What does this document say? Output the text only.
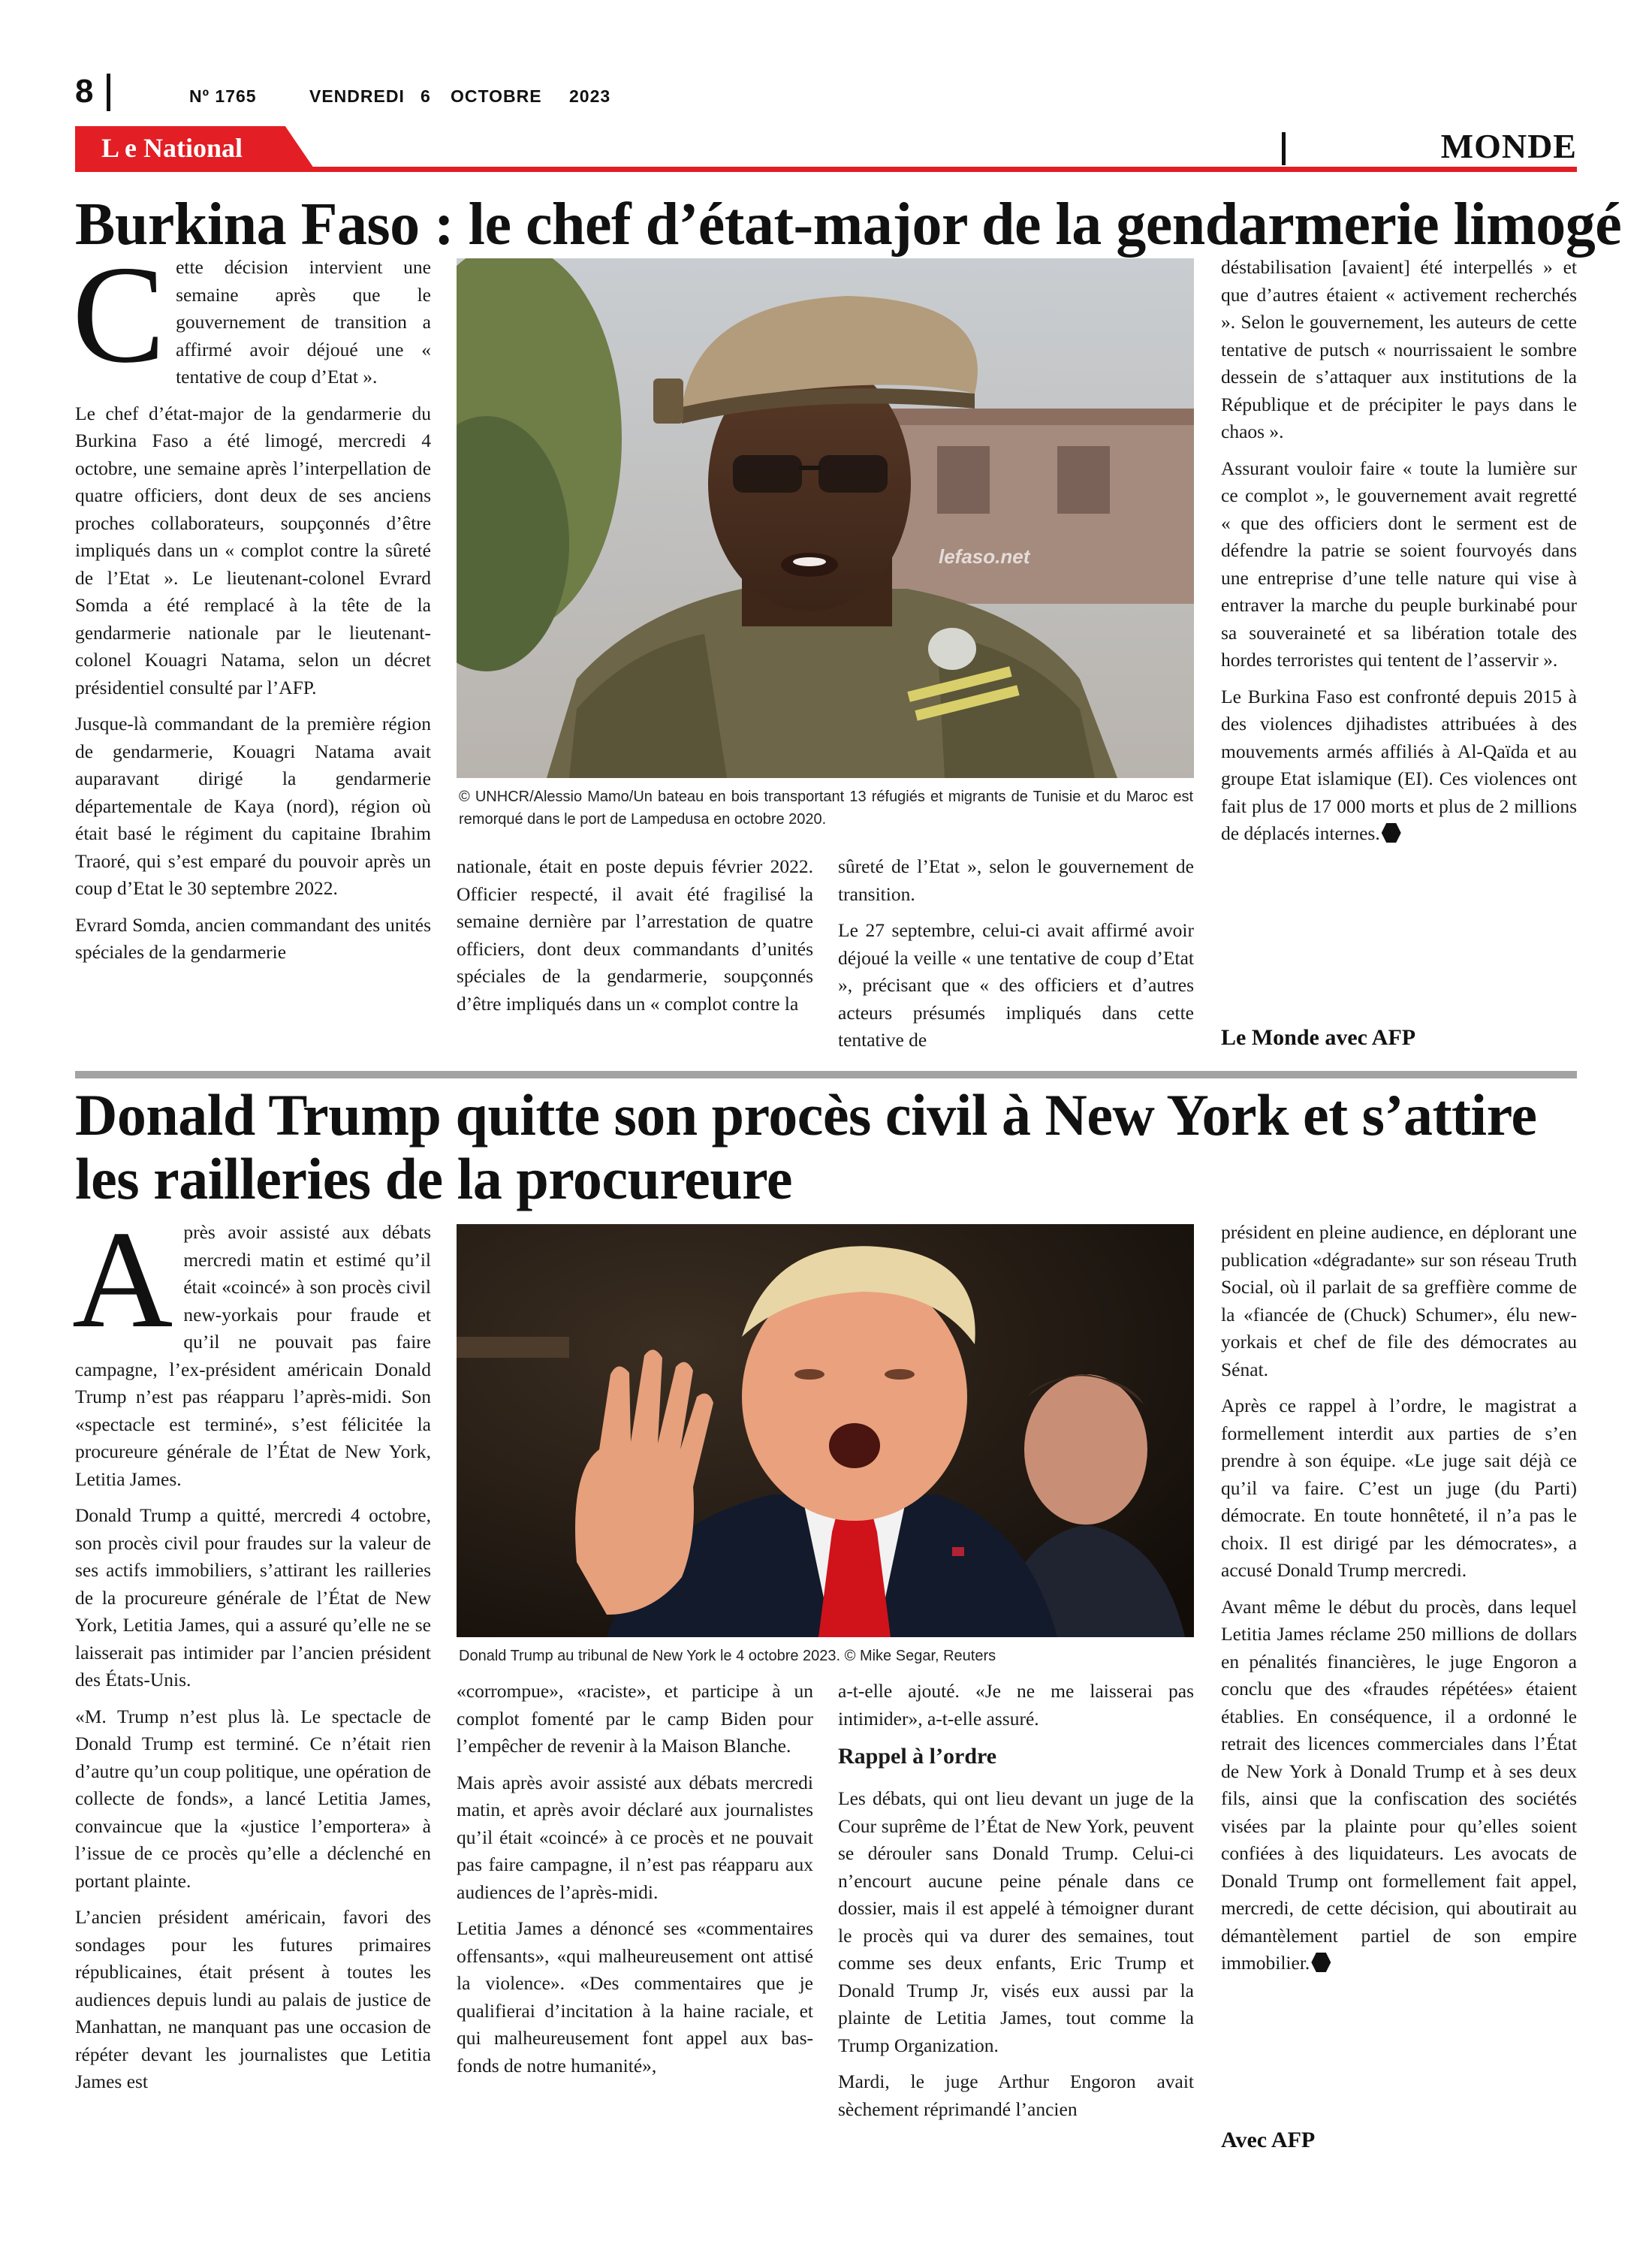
8	Nº 1765	VENDREDI 6 OCTOBRE 2023
L e National	MONDE
Burkina Faso : le chef d’état-major de la gendarmerie limogé

Cette décision intervient une semaine après que le gouvernement de transition a affirmé avoir déjoué une « tentative de coup d’Etat ».

Le chef d’état-major de la gendarmerie du Burkina Faso a été limogé, mercredi 4 octobre, une semaine après l’interpellation de quatre officiers, dont deux de ses anciens proches collaborateurs, soupçonnés d’être impliqués dans un « complot contre la sûreté de l’Etat ». Le lieutenant-colonel Evrard Somda a été remplacé à la tête de la gendarmerie nationale par le lieutenant-colonel Kouagri Natama, selon un décret présidentiel consulté par l’AFP.

Jusque-là commandant de la première région de gendarmerie, Kouagri Natama avait auparavant dirigé la gendarmerie départementale de Kaya (nord), région où était basé le régiment du capitaine Ibrahim Traoré, qui s’est emparé du pouvoir après un coup d’Etat le 30 septembre 2022.

Evrard Somda, ancien commandant des unités spéciales de la gendarmerie

lefaso.net
© UNHCR/Alessio Mamo/Un bateau en bois transportant 13 réfugiés et migrants de Tunisie et du Maroc est remorqué dans le port de Lampedusa en octobre 2020.

nationale, était en poste depuis février 2022. Officier respecté, il avait été fragilisé la semaine dernière par l’arrestation de quatre officiers, dont deux commandants d’unités spéciales de la gendarmerie, soupçonnés d’être impliqués dans un « complot contre la

sûreté de l’Etat », selon le gouvernement de transition.

Le 27 septembre, celui-ci avait affirmé avoir déjoué la veille « une tentative de coup d’Etat », précisant que « des officiers et d’autres acteurs présumés impliqués dans cette tentative de

déstabilisation [avaient] été interpellés » et que d’autres étaient « activement recherchés ». Selon le gouvernement, les auteurs de cette tentative de putsch « nourrissaient le sombre dessein de s’attaquer aux institutions de la République et de précipiter le pays dans le chaos ».

Assurant vouloir faire « toute la lumière sur ce complot », le gouvernement avait regretté « que des officiers dont le serment est de défendre la patrie se soient fourvoyés dans une entreprise d’une telle nature qui vise à entraver la marche du peuple burkinabé pour sa souveraineté et sa libération totale des hordes terroristes qui tentent de l’asservir ».

Le Burkina Faso est confronté depuis 2015 à des violences djihadistes attribuées à des mouvements armés affiliés à Al-Qaïda et au groupe Etat islamique (EI). Ces violences ont fait plus de 17 000 morts et plus de 2 millions de déplacés internes.

Le Monde avec AFP
Donald Trump quitte son procès civil à New York et s’attire les railleries de la procureure

Après avoir assisté aux débats mercredi matin et estimé qu’il était «coincé» à son procès civil new-yorkais pour fraude et qu’il ne pouvait pas faire campagne, l’ex-président américain Donald Trump n’est pas réapparu l’après-midi. Son «spectacle est terminé», s’est félicitée la procureure générale de l’État de New York, Letitia James.

Donald Trump a quitté, mercredi 4 octobre, son procès civil pour fraudes sur la valeur de ses actifs immobiliers, s’attirant les railleries de la procureure générale de l’État de New York, Letitia James, qui a assuré qu’elle ne se laisserait pas intimider par l’ancien président des États-Unis.

«M. Trump n’est plus là. Le spectacle de Donald Trump est terminé. Ce n’était rien d’autre qu’un coup politique, une opération de collecte de fonds», a lancé Letitia James, convaincue que la «justice l’emportera» à l’issue de ce procès qu’elle a déclenché en portant plainte.

L’ancien président américain, favori des sondages pour les futures primaires républicaines, était présent à toutes les audiences depuis lundi au palais de justice de Manhattan, ne manquant pas une occasion de répéter devant les journalistes que Letitia James est

Donald Trump au tribunal de New York le 4 octobre 2023. © Mike Segar, Reuters

«corrompue», «raciste», et participe à un complot fomenté par le camp Biden pour l’empêcher de revenir à la Maison Blanche.

Mais après avoir assisté aux débats mercredi matin, et après avoir déclaré aux journalistes qu’il était «coincé» à ce procès et ne pouvait pas faire campagne, il n’est pas réapparu aux audiences de l’après-midi.

Letitia James a dénoncé ses «commentaires offensants», «qui malheureusement ont attisé la violence». «Des commentaires que je qualifierai d’incitation à la haine raciale, et qui malheureusement font appel aux bas-fonds de notre humanité»,

a-t-elle ajouté. «Je ne me laisserai pas intimider», a-t-elle assuré.

Rappel à l’ordre

Les débats, qui ont lieu devant un juge de la Cour suprême de l’État de New York, peuvent se dérouler sans Donald Trump. Celui-ci n’encourt aucune peine pénale dans ce dossier, mais il est appelé à témoigner durant le procès qui va durer des semaines, tout comme ses deux enfants, Eric Trump et Donald Trump Jr, visés eux aussi par la plainte de Letitia James, tout comme la Trump Organization.

Mardi, le juge Arthur Engoron avait sèchement réprimandé l’ancien

président en pleine audience, en déplorant une publication «dégradante» sur son réseau Truth Social, où il parlait de sa greffière comme de la «fiancée de (Chuck) Schumer», élu new-yorkais et chef de file des démocrates au Sénat.

Après ce rappel à l’ordre, le magistrat a formellement interdit aux parties de s’en prendre à son équipe. «Le juge sait déjà ce qu’il va faire. C’est un juge (du Parti) démocrate. En toute honnêteté, il n’a pas le choix. Il est dirigé par les démocrates», a accusé Donald Trump mercredi.

Avant même le début du procès, dans lequel Letitia James réclame 250 millions de dollars en pénalités financières, le juge Engoron a conclu que des «fraudes répétées» étaient établies. En conséquence, il a ordonné le retrait des licences commerciales dans l’État de New York à Donald Trump et à ses deux fils, ainsi que la confiscation des sociétés visées par la plainte pour qu’elles soient confiées à des liquidateurs. Les avocats de Donald Trump ont formellement fait appel, mercredi, de cette décision, qui aboutirait au démantèlement partiel de son empire immobilier.

Avec AFP
